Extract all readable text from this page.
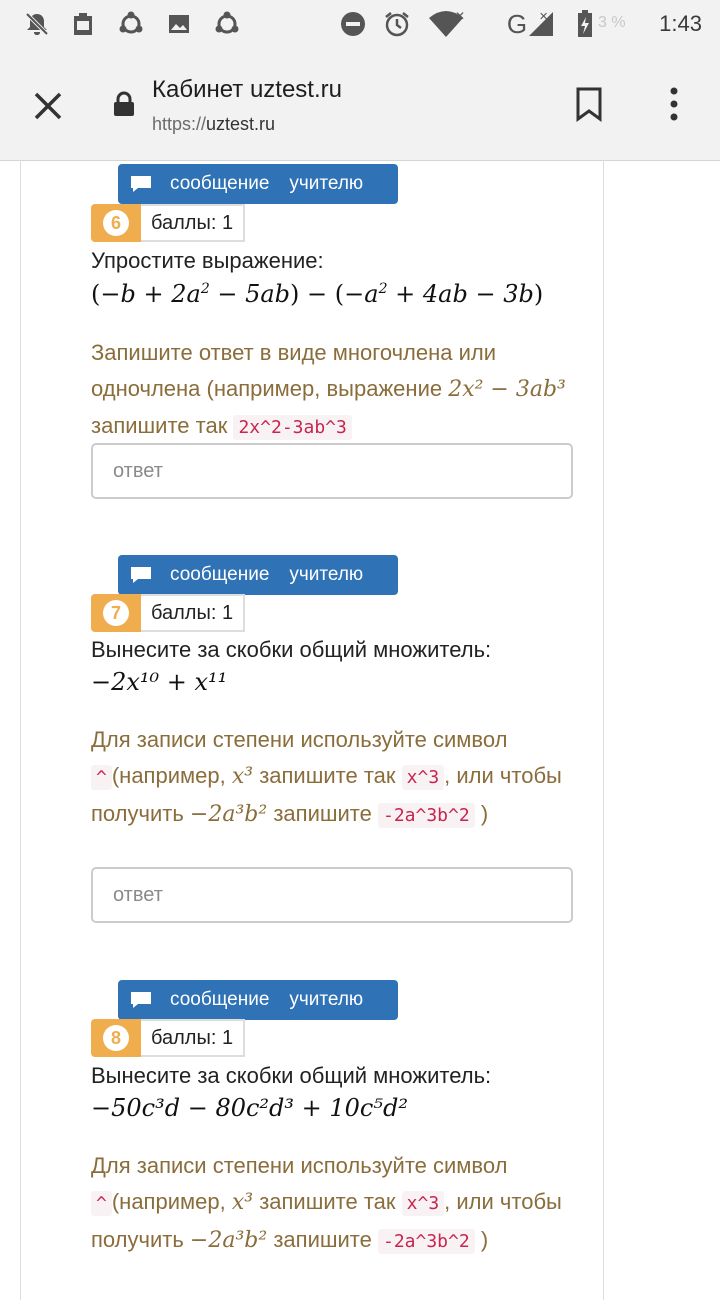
✕ G ✕	3 % 1:43
Кабинет uztest.ru
https://uztest.ru
сообщение учителю
6	баллы: 1
Упростите выражение:
$(-b + 2a^2 - 5ab) - (-a^2 + 4ab - 3b)$
Запишите ответ в виде многочлена или одночлена (например, выражение 2x² − 3ab³ запишите так 2x^2-3ab^3
ответ
сообщение учителю
7	баллы: 1
Вынесите за скобки общий множитель:
−2x¹⁰ + x¹¹
Для записи степени используйте символ ^ (например, x³ запишите так x^3 , или чтобы получить −2a³b² запишите -2a^3b^2 )
ответ
сообщение учителю
8	баллы: 1
Вынесите за скобки общий множитель:
−50c³d − 80c²d³ + 10c⁵d²
Для записи степени используйте символ ^ (например, x³ запишите так x^3 , или чтобы получить −2a³b² запишите -2a^3b^2 )
